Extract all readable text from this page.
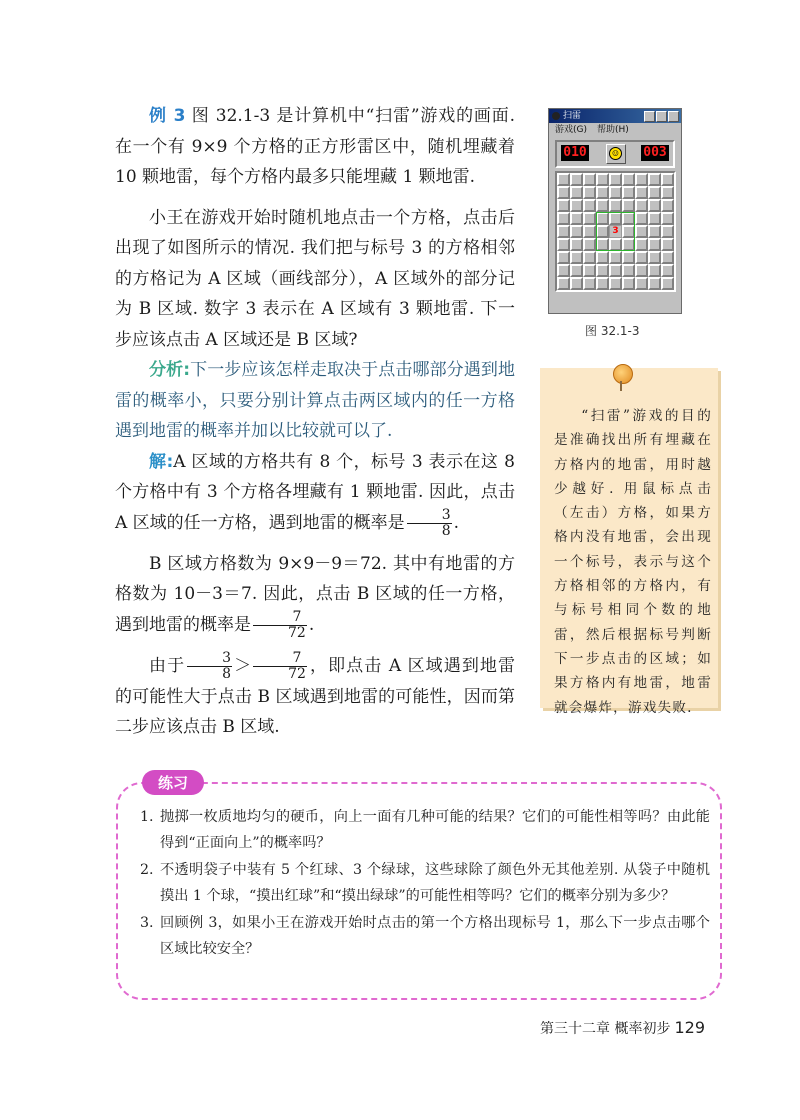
例 3 图 32.1-3 是计算机中“扫雷”游戏的画面. 在一个有 9×9 个方格的正方形雷区中，随机埋藏着 10 颗地雷，每个方格内最多只能埋藏 1 颗地雷.

小王在游戏开始时随机地点击一个方格，点击后出现了如图所示的情况. 我们把与标号 3 的方格相邻的方格记为 A 区域（画线部分），A 区域外的部分记为 B 区域. 数字 3 表示在 A 区域有 3 颗地雷. 下一步应该点击 A 区域还是 B 区域?

分析:下一步应该怎样走取决于点击哪部分遇到地雷的概率小，只要分别计算点击两区域内的任一方格遇到地雷的概率并加以比较就可以了.

解:A 区域的方格共有 8 个，标号 3 表示在这 8 个方格中有 3 个方格各埋藏有 1 颗地雷. 因此，点击 A 区域的任一方格，遇到地雷的概率是 $\frac{3}{8}$ .

B 区域方格数为 9×9－9＝72. 其中有地雷的方格数为 10－3＝7. 因此，点击 B 区域的任一方格，遇到地雷的概率是 $\frac{7}{72}$ .

由于 $\frac{3}{8} > \frac{7}{72}$ ，即点击 A 区域遇到地雷的可能性大于点击 B 区域遇到地雷的可能性，因而第二步应该点击 B 区域.

扫雷
游戏(G) 帮助(H)
010	☺ 003
3
图 32.1-3

“扫雷”游戏的目的是准确找出所有埋藏在方格内的地雷，用时越少越好. 用鼠标点击（左击）方格，如果方格内没有地雷，会出现一个标号，表示与这个方格相邻的方格内，有与标号相同个数的地雷，然后根据标号判断下一步点击的区域；如果方格内有地雷，地雷就会爆炸，游戏失败.

练习
1. 抛掷一枚质地均匀的硬币，向上一面有几种可能的结果？它们的可能性相等吗？由此能得到“正面向上”的概率吗？
2. 不透明袋子中装有 5 个红球、3 个绿球，这些球除了颜色外无其他差别. 从袋子中随机摸出 1 个球，“摸出红球”和“摸出绿球”的可能性相等吗？它们的概率分别为多少？
3. 回顾例 3，如果小王在游戏开始时点击的第一个方格出现标号 1，那么下一步点击哪个区域比较安全？
第三十二章 概率初步 129
